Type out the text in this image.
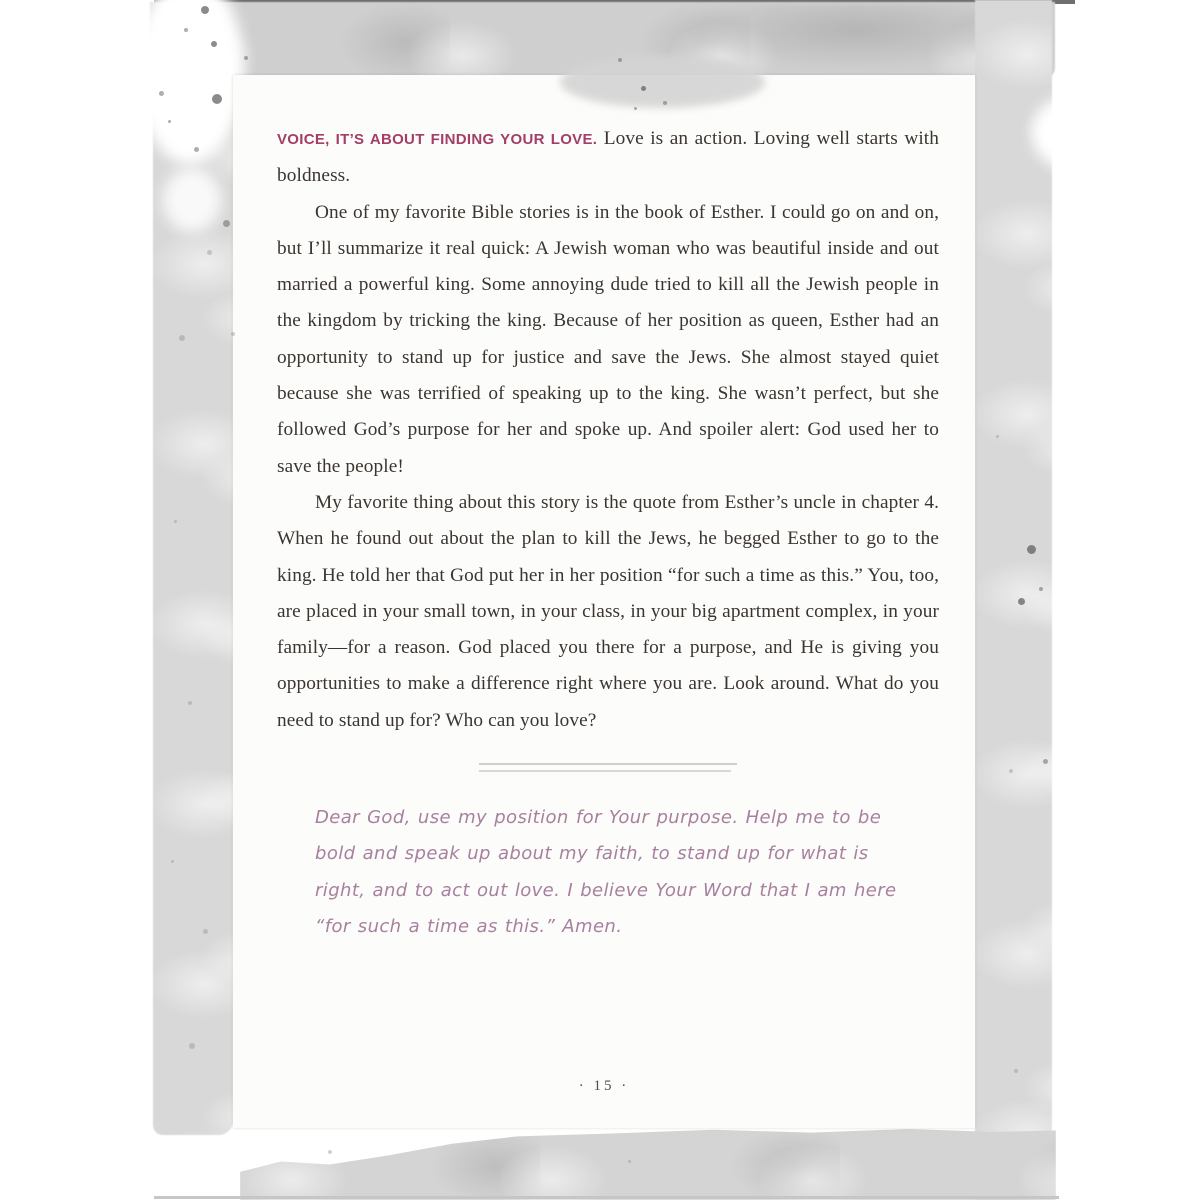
VOICE, IT’S ABOUT FINDING YOUR LOVE. Love is an action. Loving well starts with boldness.

One of my favorite Bible stories is in the book of Esther. I could go on and on, but I’ll summarize it real quick: A Jewish woman who was beautiful inside and out married a powerful king. Some annoying dude tried to kill all the Jewish people in the kingdom by tricking the king. Because of her position as queen, Esther had an opportunity to stand up for justice and save the Jews. She almost stayed quiet because she was terrified of speaking up to the king. She wasn’t perfect, but she followed God’s purpose for her and spoke up. And spoiler alert: God used her to save the people!

My favorite thing about this story is the quote from Esther’s uncle in chapter 4. When he found out about the plan to kill the Jews, he begged Esther to go to the king. He told her that God put her in her position “for such a time as this.” You, too, are placed in your small town, in your class, in your big apartment complex, in your family—for a reason. God placed you there for a purpose, and He is giving you opportunities to make a difference right where you are. Look around. What do you need to stand up for? Who can you love?

Dear God, use my position for Your purpose. Help me to be bold and speak up about my faith, to stand up for what is right, and to act out love. I believe Your Word that I am here “for such a time as this.” Amen.

· 15 ·
